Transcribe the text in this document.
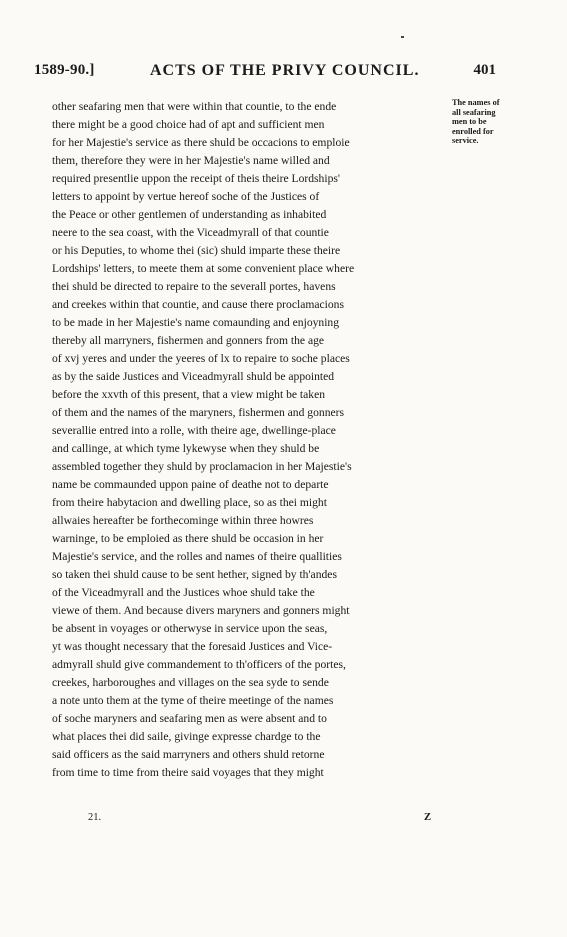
1589-90.]	ACTS OF THE PRIVY COUNCIL.	401
other seafaring men that were within that countie, to the ende
there might be a good choice had of apt and sufficient men
for her Majestie's service as there shuld be occacions to emploie
them, therefore they were in her Majestie's name willed and
required presentlie uppon the receipt of theis theire Lordships'
letters to appoint by vertue hereof soche of the Justices of
the Peace or other gentlemen of understanding as inhabited
neere to the sea coast, with the Viceadmyrall of that countie
or his Deputies, to whome thei (sic) shuld imparte these theire
Lordships' letters, to meete them at some convenient place where
thei shuld be directed to repaire to the severall portes, havens
and creekes within that countie, and cause there proclamacions
to be made in her Majestie's name comaunding and enjoyning
thereby all marryners, fishermen and gonners from the age
of xvj yeres and under the yeeres of lx to repaire to soche places
as by the saide Justices and Viceadmyrall shuld be appointed
before the xxvth of this present, that a view might be taken
of them and the names of the maryners, fishermen and gonners
severallie entred into a rolle, with theire age, dwellinge-place
and callinge, at which tyme lykewyse when they shuld be
assembled together they shuld by proclamacion in her Majestie's
name be commaunded uppon paine of deathe not to departe
from theire habytacion and dwelling place, so as thei might
allwaies hereafter be forthecominge within three howres
warninge, to be emploied as there shuld be occasion in her
Majestie's service, and the rolles and names of theire quallities
so taken thei shuld cause to be sent hether, signed by th'andes
of the Viceadmyrall and the Justices whoe shuld take the
viewe of them. And because divers maryners and gonners might
be absent in voyages or otherwyse in service upon the seas,
yt was thought necessary that the foresaid Justices and Vice-
admyrall shuld give commandement to th'officers of the portes,
creekes, harboroughes and villages on the sea syde to sende
a note unto them at the tyme of theire meetinge of the names
of soche maryners and seafaring men as were absent and to
what places thei did saile, givinge expresse chardge to the
said officers as the said marryners and others shuld retorne
from time to time from theire said voyages that they might
The names of
all seafaring
men to be
enrolled for
service.
21.	Z
